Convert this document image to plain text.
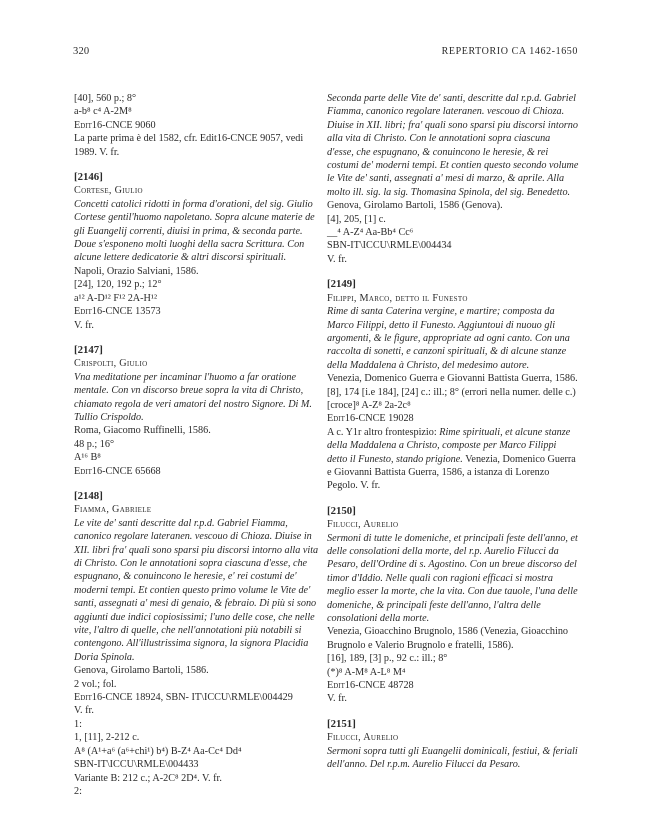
320	REPERTORIO CA 1462-1650

[40], 560 p.; 8°

a-b⁸ c⁴ A-2M⁸

Edit16-CNCE 9060

La parte prima è del 1582, cfr. Edit16-CNCE 9057, vedi 1989. V. fr.

[2146]

Cortese, Giulio

Concetti catolici ridotti in forma d'orationi, del sig. Giulio Cortese gentil'huomo napoletano. Sopra alcune materie de gli Euangelij correnti, diuisi in prima, & seconda parte. Doue s'esponeno molti luoghi della sacra Scrittura. Con alcune lettere dedicatorie & altri discorsi spirituali.

Napoli, Orazio Salviani, 1586.

[24], 120, 192 p.; 12°

a¹² A-D¹² F¹² 2A-H¹²

Edit16-CNCE 13573

V. fr.

[2147]

Crispolti, Giulio

Vna meditatione per incaminar l'huomo a far oratione mentale. Con vn discorso breue sopra la vita di Christo, chiamato regola de veri amatori del nostro Signore. Di M. Tullio Crispoldo.

Roma, Giacomo Ruffinelli, 1586.

48 p.; 16°

A¹⁶ B⁸

Edit16-CNCE 65668

[2148]

Fiamma, Gabriele

Le vite de' santi descritte dal r.p.d. Gabriel Fiamma, canonico regolare lateranen. vescouo di Chioza. Diuise in XII. libri fra' quali sono sparsi piu discorsi intorno alla vita di Christo. Con le annotationi sopra ciascuna d'esse, che espugnano, & conuincono le heresie, e' rei costumi de' moderni tempi. Et contien questo primo volume le Vite de' santi, assegnati a' mesi di genaio, & febraio. Di più si sono aggiunti due indici copiosissimi; l'uno delle cose, che nelle vite, l'altro di quelle, che nell'annotationi più notabili si contengono. All'illustrissima signora, la signora Placidia Doria Spinola.

Genova, Girolamo Bartoli, 1586.

2 vol.; fol.

Edit16-CNCE 18924, SBN- IT\ICCU\RMLE\004429

V. fr.

1:

1, [11], 2-212 c.

A⁸ (A¹+a⁶ (a⁶+chi¹) b⁴) B-Z⁴ Aa-Cc⁴ Dd⁴

SBN-IT\ICCU\RMLE\004433

Variante B: 212 c.; A-2C⁸ 2D⁴. V. fr.

2:

Seconda parte delle Vite de' santi, descritte dal r.p.d. Gabriel Fiamma, canonico regolare lateranen. vescouo di Chioza. Diuise in XII. libri; fra' quali sono sparsi piu discorsi intorno alla vita di Christo. Con le annotationi sopra ciascuna d'esse, che espugnano, & conuincono le heresie, & rei costumi de' moderni tempi. Et contien questo secondo volume le Vite de' santi, assegnati a' mesi di marzo, & aprile. Alla molto ill. sig. la sig. Thomasina Spinola, del sig. Benedetto.

Genova, Girolamo Bartoli, 1586 (Genova).

[4], 205, [1] c.

__⁴ A-Z⁴ Aa-Bb⁴ Cc⁶

SBN-IT\ICCU\RMLE\004434

V. fr.

[2149]

Filippi, Marco, detto il Funesto

Rime di santa Caterina vergine, e martire; composta da Marco Filippi, detto il Funesto. Aggiuntoui di nuouo gli argomenti, & le figure, appropriate ad ogni canto. Con una raccolta di sonetti, e canzoni spirituali, & di alcune stanze della Maddalena à Christo, del medesimo autore.

Venezia, Domenico Guerra e Giovanni Battista Guerra, 1586.

[8], 174 [i.e 184], [24] c.: ill.; 8° (errori nella numer. delle c.)

[croce]⁸ A-Z⁸ 2a-2c⁸

Edit16-CNCE 19028

A c. Y1r altro frontespizio: Rime spirituali, et alcune stanze della Maddalena a Christo, composte per Marco Filippi detto il Funesto, stando prigione. Venezia, Domenico Guerra e Giovanni Battista Guerra, 1586, a istanza di Lorenzo Pegolo. V. fr.

[2150]

Filucci, Aurelio

Sermoni di tutte le domeniche, et principali feste dell'anno, et delle consolationi della morte, del r.p. Aurelio Filucci da Pesaro, dell'Ordine di s. Agostino. Con un breue discorso del timor d'Iddio. Nelle quali con ragioni efficaci si mostra meglio esser la morte, che la vita. Con due tauole, l'una delle domeniche, & principali feste dell'anno, l'altra delle consolationi della morte.

Venezia, Gioacchino Brugnolo, 1586 (Venezia, Gioacchino Brugnolo e Valerio Brugnolo e fratelli, 1586).

[16], 189, [3] p., 92 c.: ill.; 8°

(*)⁸ A-M⁸ A-L⁸ M⁴

Edit16-CNCE 48728

V. fr.

[2151]

Filucci, Aurelio

Sermoni sopra tutti gli Euangelii dominicali, festiui, & feriali dell'anno. Del r.p.m. Aurelio Filucci da Pesaro.
